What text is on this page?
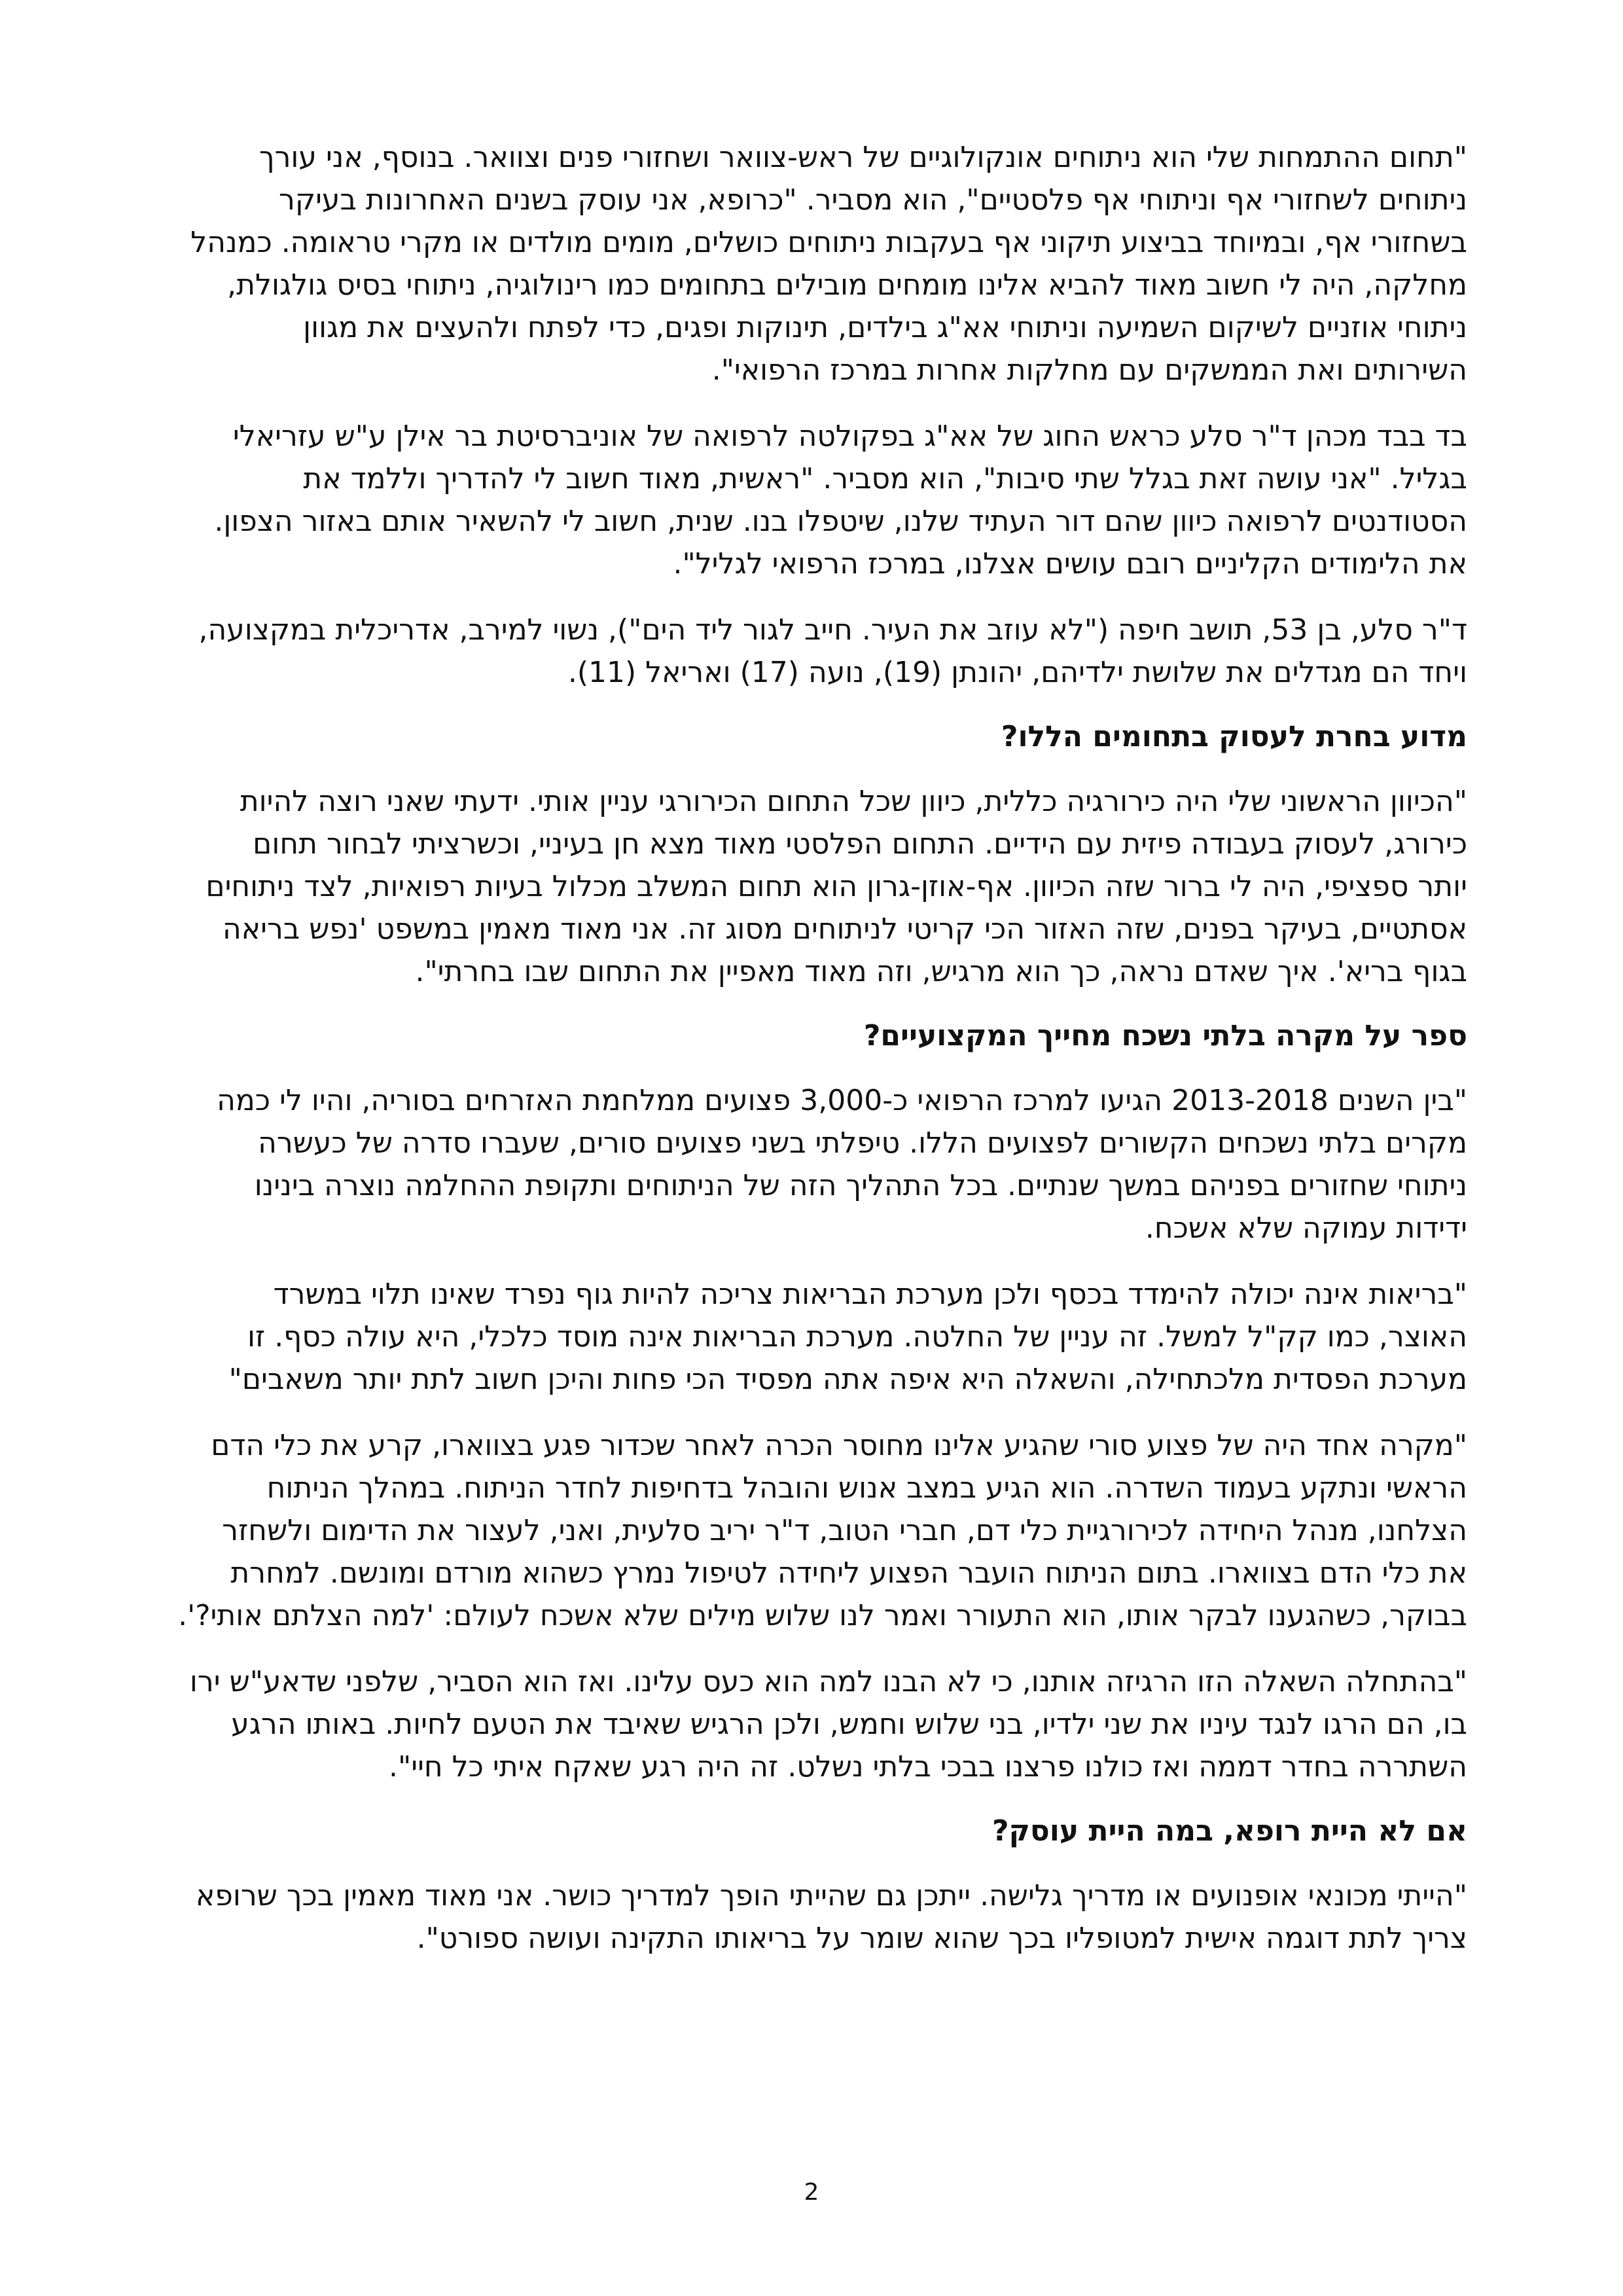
"תחום ההתמחות שלי הוא ניתוחים אונקולוגיים של ראש-צוואר ושחזורי פנים וצוואר. בנוסף, אני עורך
ניתוחים לשחזורי אף וניתוחי אף פלסטיים", הוא מסביר. "כרופא, אני עוסק בשנים האחרונות בעיקר
בשחזורי אף, ובמיוחד בביצוע תיקוני אף בעקבות ניתוחים כושלים, מומים מולדים או מקרי טראומה. כמנהל
מחלקה, היה לי חשוב מאוד להביא אלינו מומחים מובילים בתחומים כמו רינולוגיה, ניתוחי בסיס גולגולת,
ניתוחי אוזניים לשיקום השמיעה וניתוחי אא"ג בילדים, תינוקות ופגים, כדי לפתח ולהעצים את מגוון
השירותים ואת הממשקים עם מחלקות אחרות במרכז הרפואי".

בד בבד מכהן ד"ר סלע כראש החוג של אא"ג בפקולטה לרפואה של אוניברסיטת בר אילן ע"ש עזריאלי
בגליל. "אני עושה זאת בגלל שתי סיבות", הוא מסביר. "ראשית, מאוד חשוב לי להדריך וללמד את
הסטודנטים לרפואה כיוון שהם דור העתיד שלנו, שיטפלו בנו. שנית, חשוב לי להשאיר אותם באזור הצפון.
את הלימודים הקליניים רובם עושים אצלנו, במרכז הרפואי לגליל".

ד"ר סלע, בן 53, תושב חיפה ("לא עוזב את העיר. חייב לגור ליד הים"), נשוי למירב, אדריכלית במקצועה,
ויחד הם מגדלים את שלושת ילדיהם, יהונתן (19), נועה (17) ואריאל (11).

מדוע בחרת לעסוק בתחומים הללו?

"הכיוון הראשוני שלי היה כירורגיה כללית, כיוון שכל התחום הכירורגי עניין אותי. ידעתי שאני רוצה להיות
כירורג, לעסוק בעבודה פיזית עם הידיים. התחום הפלסטי מאוד מצא חן בעיניי, וכשרציתי לבחור תחום
יותר ספציפי, היה לי ברור שזה הכיוון. אף-אוזן-גרון הוא תחום המשלב מכלול בעיות רפואיות, לצד ניתוחים
אסתטיים, בעיקר בפנים, שזה האזור הכי קריטי לניתוחים מסוג זה. אני מאוד מאמין במשפט 'נפש בריאה
בגוף בריא'. איך שאדם נראה, כך הוא מרגיש, וזה מאוד מאפיין את התחום שבו בחרתי".

ספר על מקרה בלתי נשכח מחייך המקצועיים?

"בין השנים 2013-2018 הגיעו למרכז הרפואי כ-3,000 פצועים ממלחמת האזרחים בסוריה, והיו לי כמה
מקרים בלתי נשכחים הקשורים לפצועים הללו. טיפלתי בשני פצועים סורים, שעברו סדרה של כעשרה
ניתוחי שחזורים בפניהם במשך שנתיים. בכל התהליך הזה של הניתוחים ותקופת ההחלמה נוצרה בינינו
ידידות עמוקה שלא אשכח.

"בריאות אינה יכולה להימדד בכסף ולכן מערכת הבריאות צריכה להיות גוף נפרד שאינו תלוי במשרד
האוצר, כמו קק"ל למשל. זה עניין של החלטה. מערכת הבריאות אינה מוסד כלכלי, היא עולה כסף. זו
מערכת הפסדית מלכתחילה, והשאלה היא איפה אתה מפסיד הכי פחות והיכן חשוב לתת יותר משאבים"

"מקרה אחד היה של פצוע סורי שהגיע אלינו מחוסר הכרה לאחר שכדור פגע בצווארו, קרע את כלי הדם
הראשי ונתקע בעמוד השדרה. הוא הגיע במצב אנוש והובהל בדחיפות לחדר הניתוח. במהלך הניתוח
הצלחנו, מנהל היחידה לכירורגיית כלי דם, חברי הטוב, ד"ר יריב סלעית, ואני, לעצור את הדימום ולשחזר
את כלי הדם בצווארו. בתום הניתוח הועבר הפצוע ליחידה לטיפול נמרץ כשהוא מורדם ומונשם. למחרת
בבוקר, כשהגענו לבקר אותו, הוא התעורר ואמר לנו שלוש מילים שלא אשכח לעולם: 'למה הצלתם אותי?'.

"בהתחלה השאלה הזו הרגיזה אותנו, כי לא הבנו למה הוא כעס עלינו. ואז הוא הסביר, שלפני שדאע"ש ירו
בו, הם הרגו לנגד עיניו את שני ילדיו, בני שלוש וחמש, ולכן הרגיש שאיבד את הטעם לחיות. באותו הרגע
השתררה בחדר דממה ואז כולנו פרצנו בבכי בלתי נשלט. זה היה רגע שאקח איתי כל חיי".

אם לא היית רופא, במה היית עוסק?

"הייתי מכונאי אופנועים או מדריך גלישה. ייתכן גם שהייתי הופך למדריך כושר. אני מאוד מאמין בכך שרופא
צריך לתת דוגמה אישית למטופליו בכך שהוא שומר על בריאותו התקינה ועושה ספורט".

2
